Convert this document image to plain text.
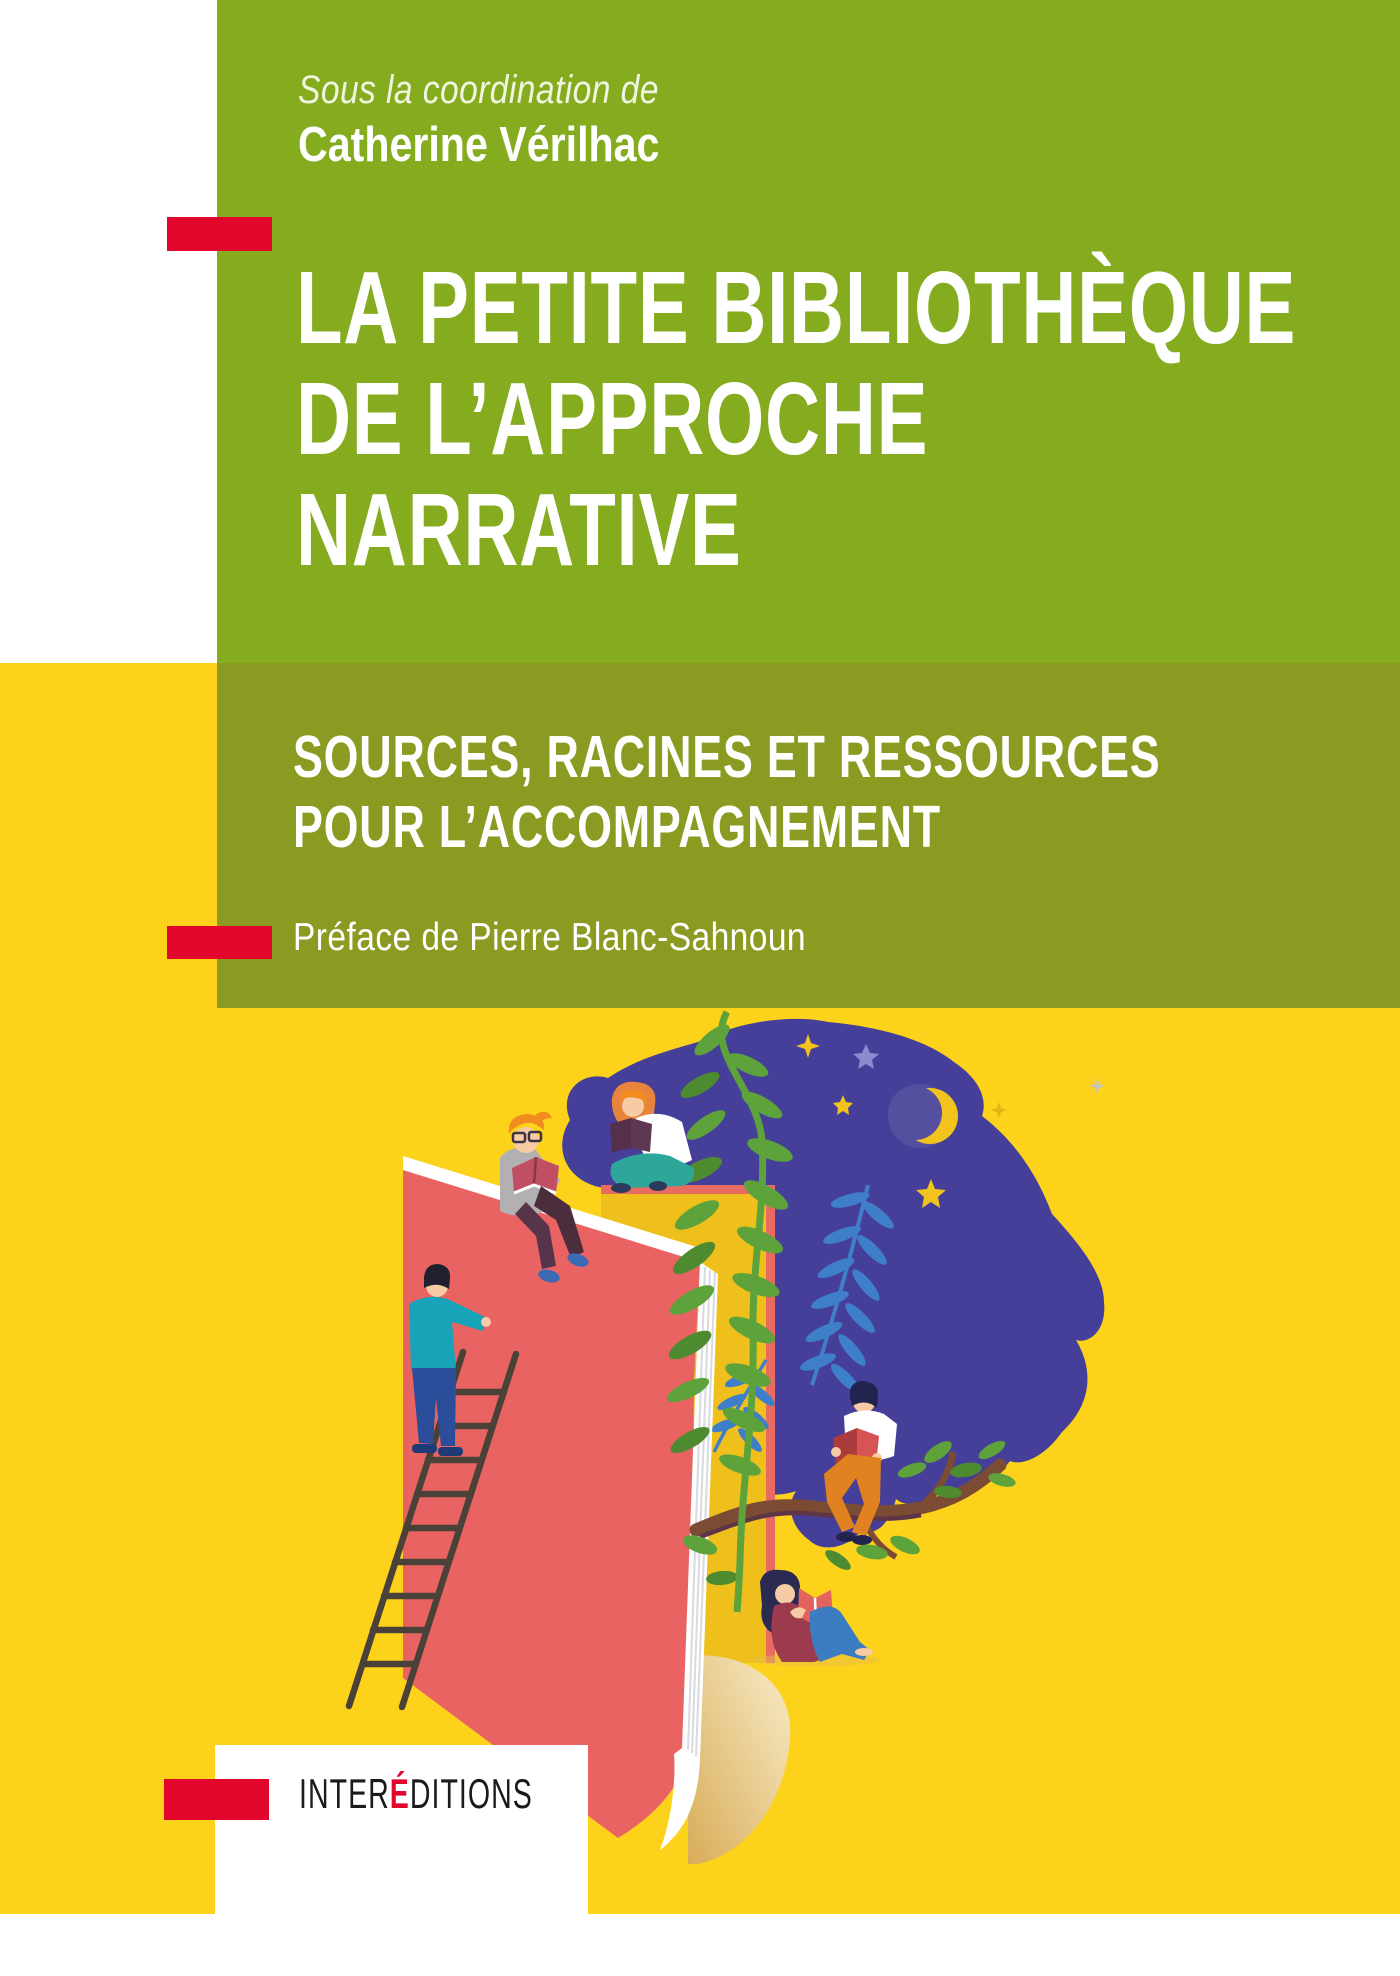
Sous la coordination de
Catherine Vérilhac
LA PETITE BIBLIOTHÈQUE
DE L’APPROCHE
NARRATIVE
SOURCES, RACINES ET RESSOURCES
POUR L’ACCOMPAGNEMENT
Préface de Pierre Blanc-Sahnoun
INTERÉDITIONS
